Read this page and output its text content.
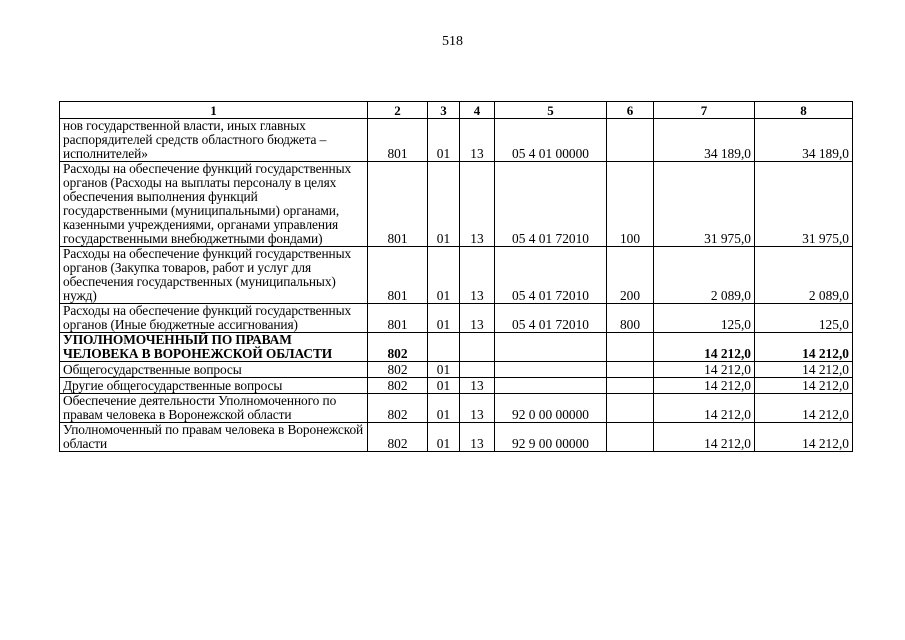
518
1	2	3	4	5	6	7	8
нов государственной власти, иных главных распорядителей средств областного бюджета – исполнителей»	801	01	13	05 4 01 00000		34 189,0	34 189,0
Расходы на обеспечение функций государственных органов (Расходы на выплаты персоналу в целях обеспечения выполнения функций государственными (муниципальными) органами, казенными учреждениями, органами управления государственными внебюджетными фондами)	801	01	13	05 4 01 72010	100	31 975,0	31 975,0
Расходы на обеспечение функций государственных органов (Закупка товаров, работ и услуг для обеспечения государственных (муниципальных) нужд)	801	01	13	05 4 01 72010	200	2 089,0	2 089,0
Расходы на обеспечение функций государственных органов (Иные бюджетные ассигнования)	801	01	13	05 4 01 72010	800	125,0	125,0
УПОЛНОМОЧЕННЫЙ ПО ПРАВАМ ЧЕЛОВЕКА В ВОРОНЕЖСКОЙ ОБЛАСТИ	802					14 212,0	14 212,0
Общегосударственные вопросы	802	01				14 212,0	14 212,0
Другие общегосударственные вопросы	802	01	13			14 212,0	14 212,0
Обеспечение деятельности Уполномоченного по правам человека в Воронежской области	802	01	13	92 0 00 00000		14 212,0	14 212,0
Уполномоченный по правам человека в Воронежской области	802	01	13	92 9 00 00000		14 212,0	14 212,0
